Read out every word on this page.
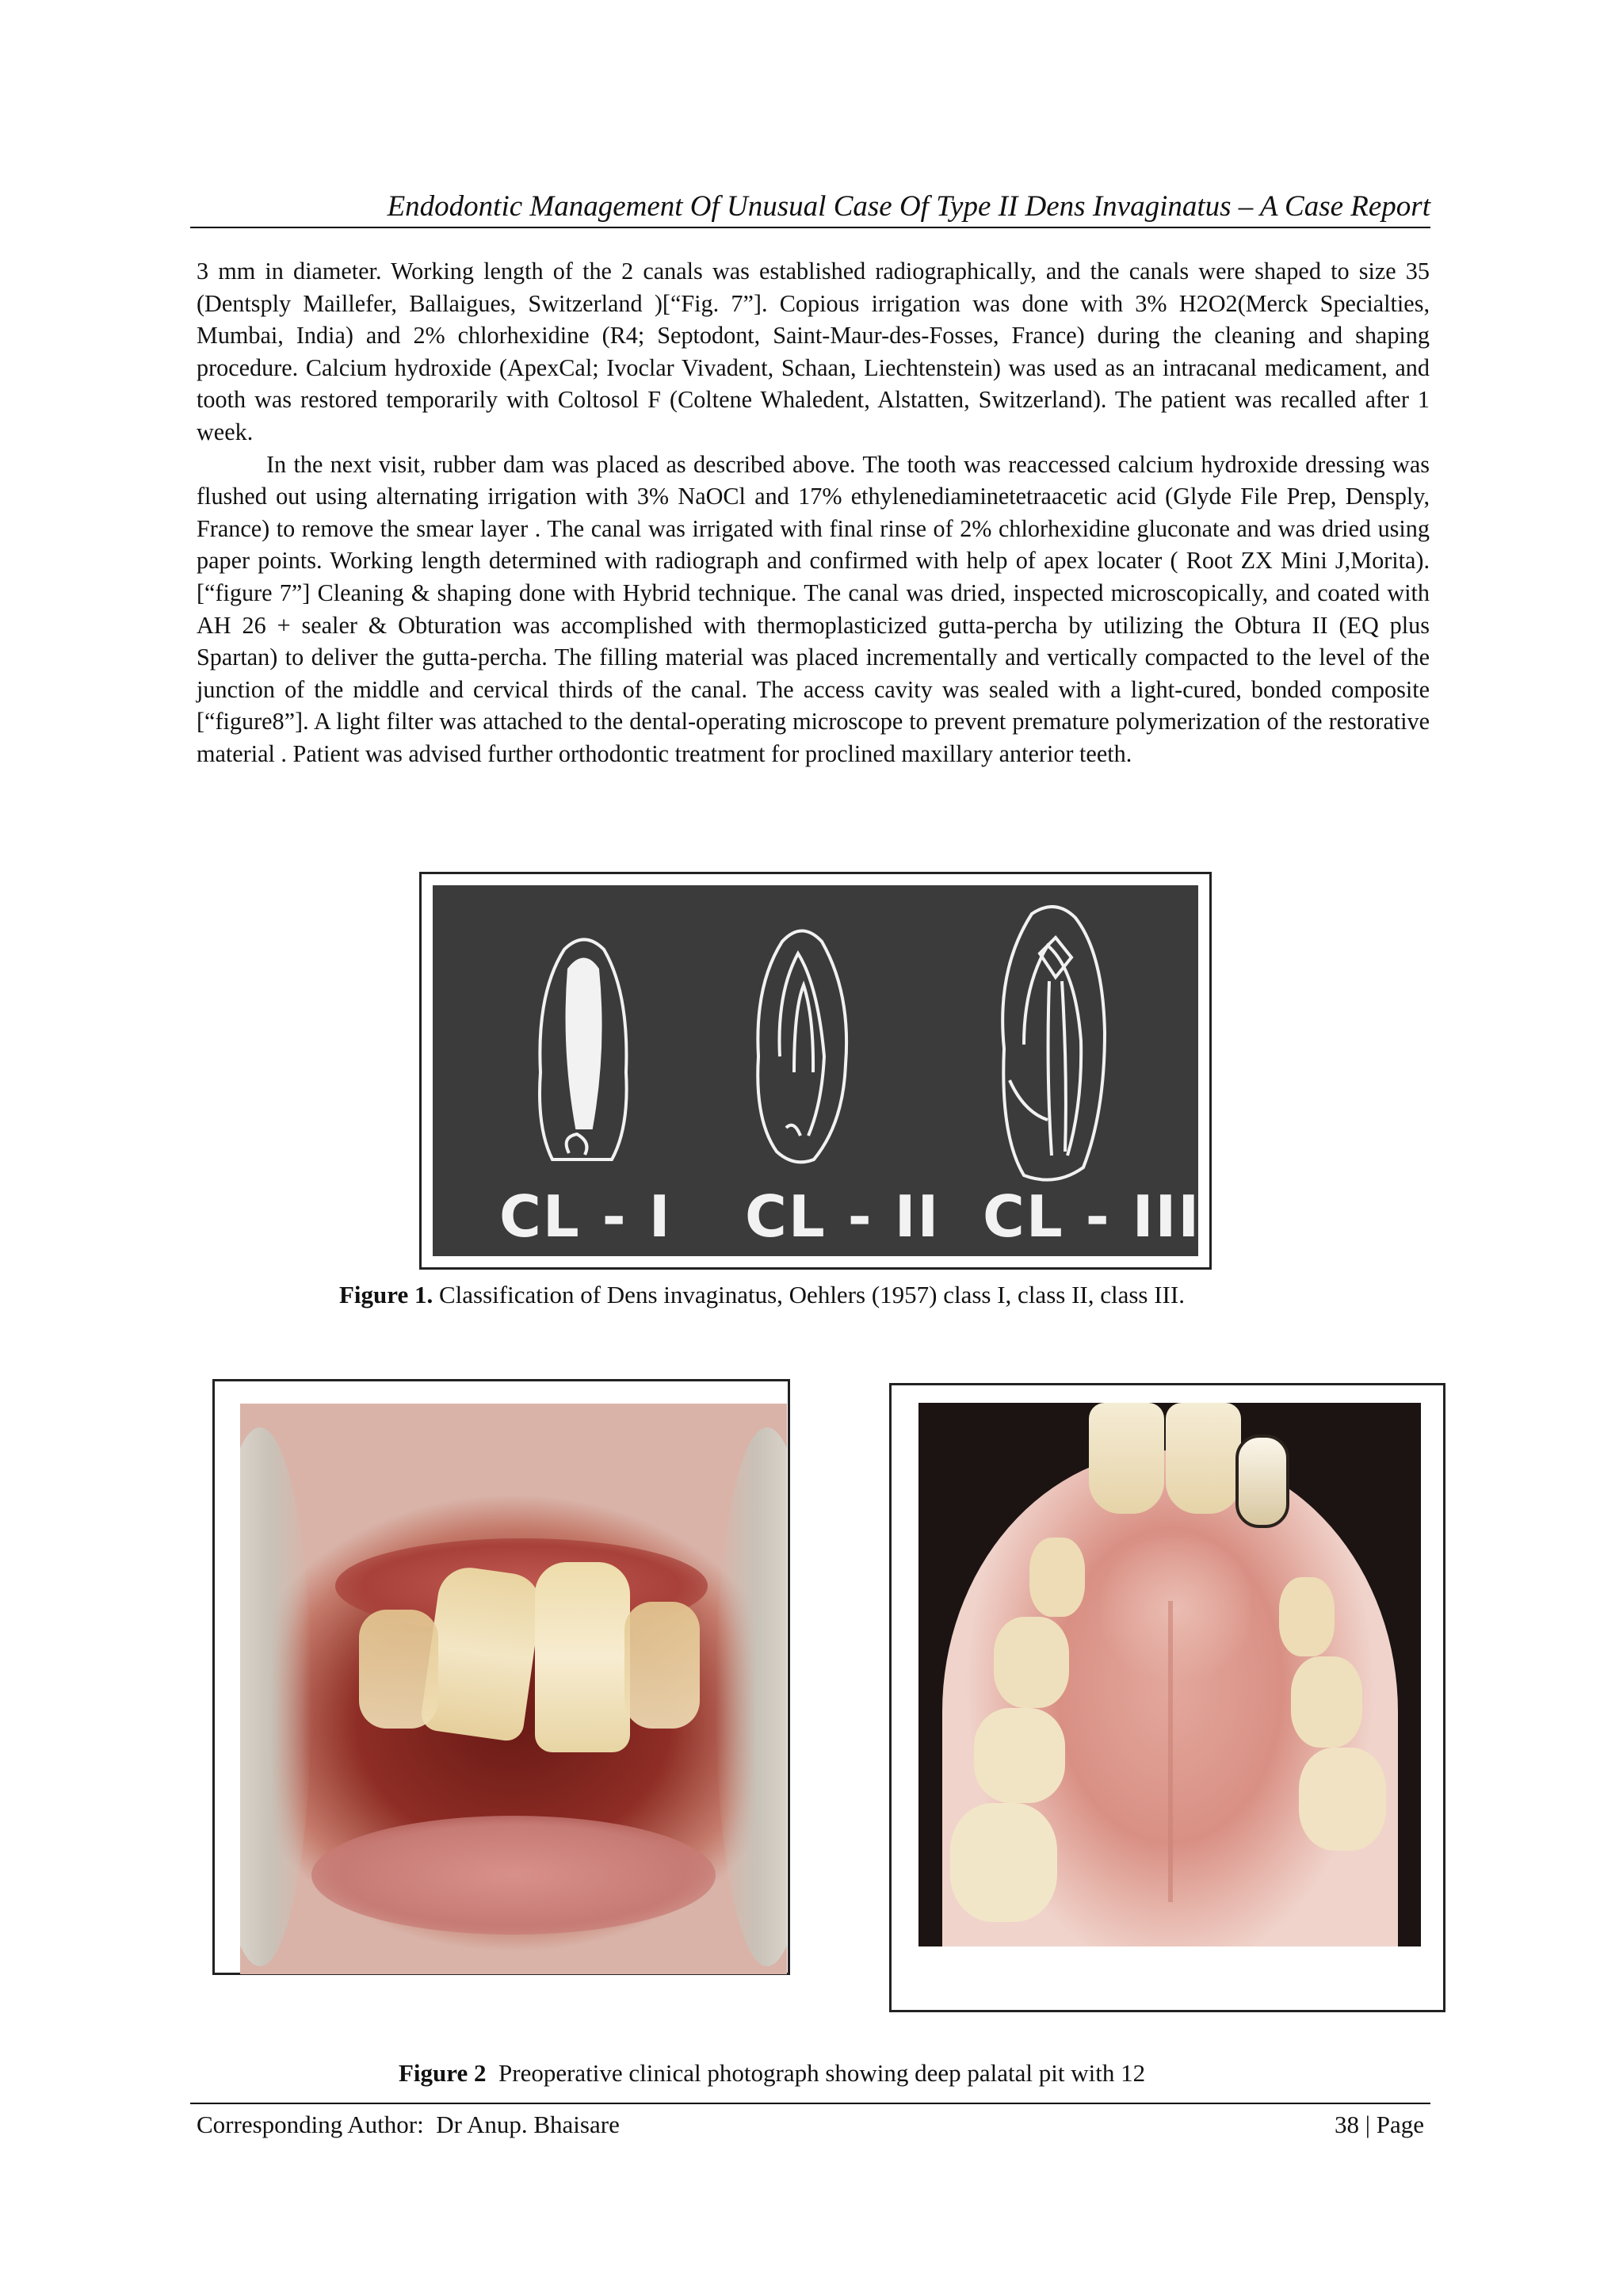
Endodontic Management Of Unusual Case Of Type II Dens Invaginatus – A Case Report

3 mm in diameter. Working length of the 2 canals was established radiographically, and the canals were shaped to size 35 (Dentsply Maillefer, Ballaigues, Switzerland )[“Fig. 7”]. Copious irrigation was done with 3% H2O2(Merck Specialties, Mumbai, India) and 2% chlorhexidine (R4; Septodont, Saint-Maur-des-Fosses, France) during the cleaning and shaping procedure. Calcium hydroxide (ApexCal; Ivoclar Vivadent, Schaan, Liechtenstein) was used as an intracanal medicament, and tooth was restored temporarily with Coltosol F (Coltene Whaledent, Alstatten, Switzerland). The patient was recalled after 1 week.

In the next visit, rubber dam was placed as described above. The tooth was reaccessed calcium hydroxide dressing was flushed out using alternating irrigation with 3% NaOCl and 17% ethylenediaminetetraacetic acid (Glyde File Prep, Densply, France) to remove the smear layer . The canal was irrigated with final rinse of 2% chlorhexidine gluconate and was dried using paper points. Working length determined with radiograph and confirmed with help of apex locater ( Root ZX Mini J,Morita).[“figure 7”] Cleaning & shaping done with Hybrid technique. The canal was dried, inspected microscopically, and coated with AH 26 + sealer & Obturation was accomplished with thermoplasticized gutta-percha by utilizing the Obtura II (EQ plus Spartan) to deliver the gutta-percha. The filling material was placed incrementally and vertically compacted to the level of the junction of the middle and cervical thirds of the canal. The access cavity was sealed with a light-cured, bonded composite [“figure8”]. A light filter was attached to the dental-operating microscope to prevent premature polymerization of the restorative material . Patient was advised further orthodontic treatment for proclined maxillary anterior teeth.

CL - I CL - II CL - III
Figure 1. Classification of Dens invaginatus, Oehlers (1957) class I, class II, class III.
Figure 2  Preoperative clinical photograph showing deep palatal pit with 12
Corresponding Author:  Dr Anup. Bhaisare	38 | Page
